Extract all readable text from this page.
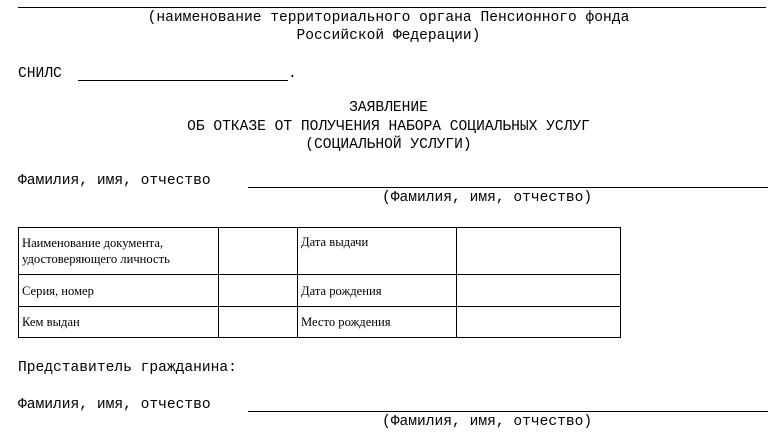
(наименование территориального органа Пенсионного фонда
Российской Федерации)
СНИЛС	.
ЗАЯВЛЕНИЕ
ОБ ОТКАЗЕ ОТ ПОЛУЧЕНИЯ НАБОРА СОЦИАЛЬНЫХ УСЛУГ
(СОЦИАЛЬНОЙ УСЛУГИ)
Фамилия, имя, отчество
(Фамилия, имя, отчество)
Наименование документа, удостоверяющего личность		Дата выдачи	
Серия, номер		Дата рождения	
Кем выдан		Место рождения	
Представитель гражданина:
Фамилия, имя, отчество
(Фамилия, имя, отчество)
